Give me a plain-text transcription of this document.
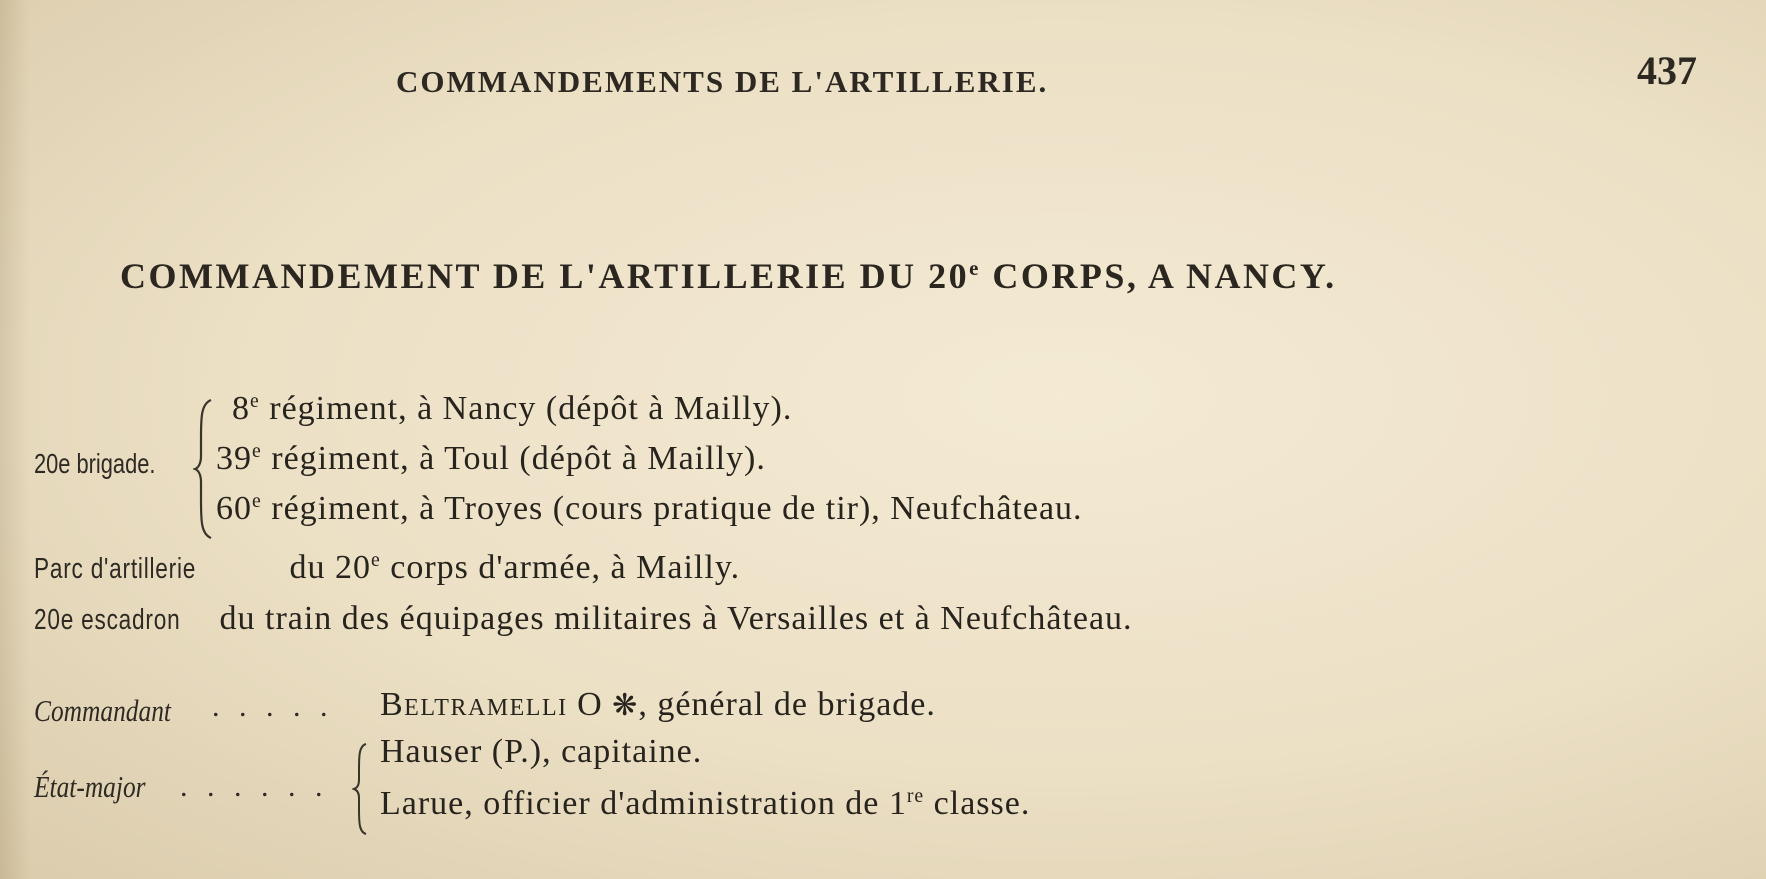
COMMANDEMENTS DE L'ARTILLERIE.	437
COMMANDEMENT DE L'ARTILLERIE DU 20e CORPS, A NANCY.
20e brigade.
8e régiment, à Nancy (dépôt à Mailly).
39e régiment, à Toul (dépôt à Mailly).
60e régiment, à Troyes (cours pratique de tir), Neufchâteau.
Parc d'artillerie du 20e corps d'armée, à Mailly.
20e escadron du train des équipages militaires à Versailles et à Neufchâteau.
Commandant . . . . . Beltramelli O ❋, général de brigade.
État-major . . . . . .
Hauser (P.), capitaine.
Larue, officier d'administration de 1re classe.
